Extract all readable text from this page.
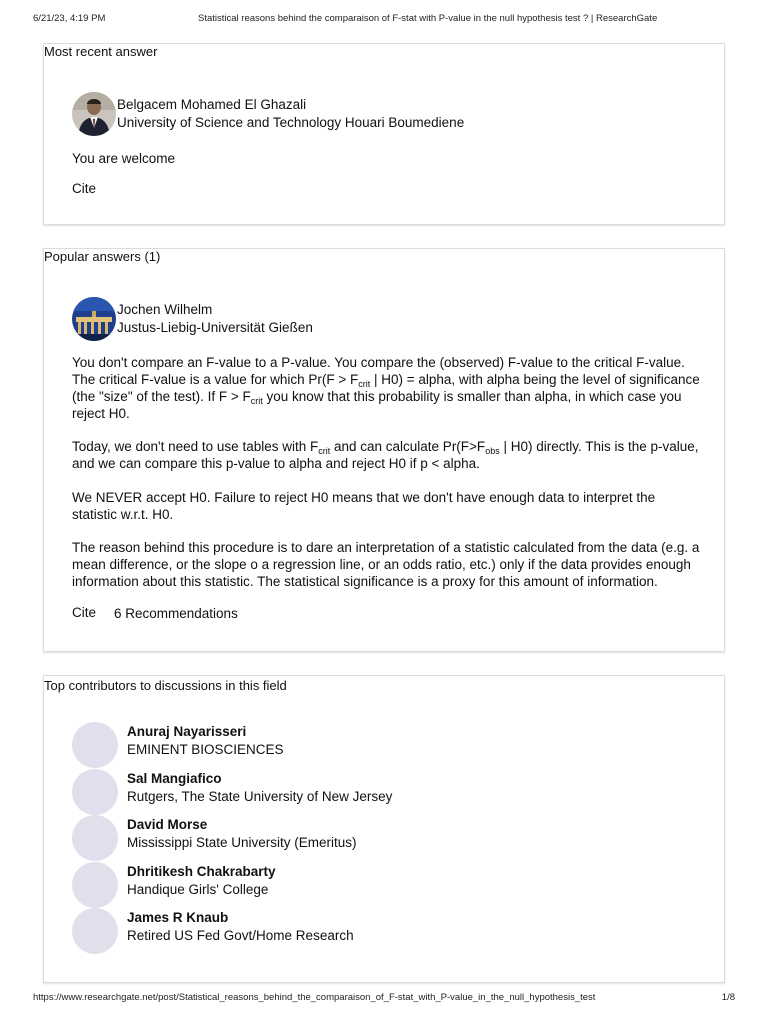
6/21/23, 4:19 PM	Statistical reasons behind the comparaison of F-stat with P-value in the null hypothesis test ? | ResearchGate
Most recent answer
Belgacem Mohamed El Ghazali
University of Science and Technology Houari Boumediene

You are welcome

Cite
Popular answers (1)
Jochen Wilhelm
Justus-Liebig-Universität Gießen

You don't compare an F-value to a P-value. You compare the (observed) F-value to the critical F-value. The critical F-value is a value for which $Pr(F > F_{crit}$ | H0) = alpha, with alpha being the level of significance (the "size" of the test). If $F > F_{crit}$ you know that this probability is smaller than alpha, in which case you reject H0.

Today, we don't need to use tables with $F_{crit}$ and can calculate $Pr(F>F_{obs}$ | H0) directly. This is the p-value, and we can compare this p-value to alpha and reject H0 if p < alpha.

We NEVER accept H0. Failure to reject H0 means that we don't have enough data to interpret the statistic w.r.t. H0.

The reason behind this procedure is to dare an interpretation of a statistic calculated from the data (e.g. a mean difference, or the slope o a regression line, or an odds ratio, etc.) only if the data provides enough information about this statistic. The statistical significance is a proxy for this amount of information.

Cite 6 Recommendations
Top contributors to discussions in this field
Anuraj Nayarisseri
EMINENT BIOSCIENCES
Sal Mangiafico
Rutgers, The State University of New Jersey
David Morse
Mississippi State University (Emeritus)
Dhritikesh Chakrabarty
Handique Girls' College
James R Knaub
Retired US Fed Govt/Home Research
https://www.researchgate.net/post/Statistical_reasons_behind_the_comparaison_of_F-stat_with_P-value_in_the_null_hypothesis_test	1/8
